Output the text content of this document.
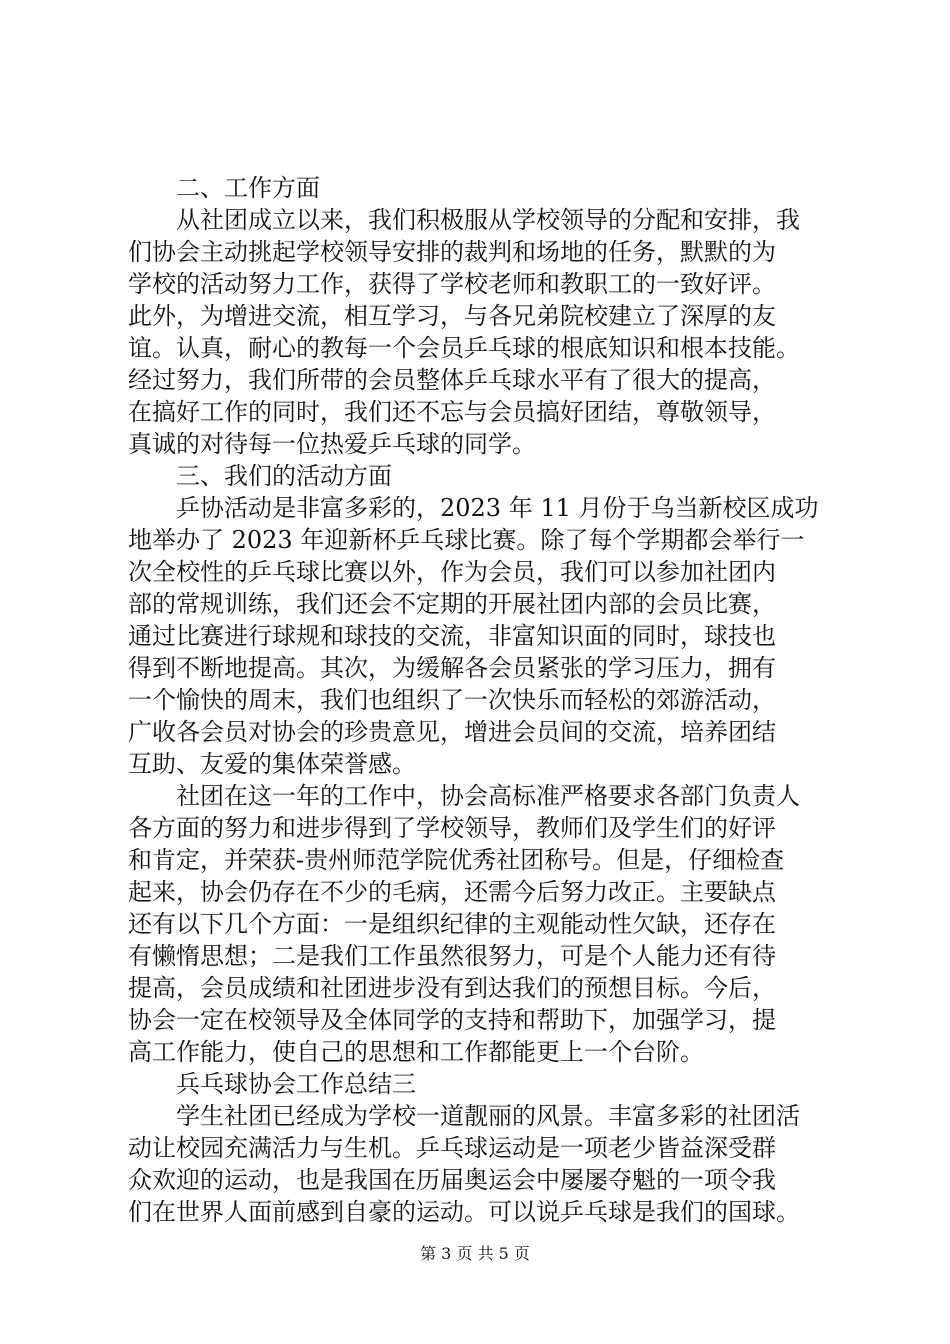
二、工作方面
从社团成立以来，我们积极服从学校领导的分配和安排，我
们协会主动挑起学校领导安排的裁判和场地的任务，默默的为
学校的活动努力工作，获得了学校老师和教职工的一致好评。
此外，为增进交流，相互学习，与各兄弟院校建立了深厚的友
谊。认真，耐心的教每一个会员乒乓球的根底知识和根本技能。
经过努力，我们所带的会员整体乒乓球水平有了很大的提高，
在搞好工作的同时，我们还不忘与会员搞好团结，尊敬领导，
真诚的对待每一位热爱乒乓球的同学。
三、我们的活动方面
乒协活动是非富多彩的，2023 年 11 月份于乌当新校区成功
地举办了 2023 年迎新杯乒乓球比赛。除了每个学期都会举行一
次全校性的乒乓球比赛以外，作为会员，我们可以参加社团内
部的常规训练，我们还会不定期的开展社团内部的会员比赛，
通过比赛进行球规和球技的交流，非富知识面的同时，球技也
得到不断地提高。其次，为缓解各会员紧张的学习压力，拥有
一个愉快的周末，我们也组织了一次快乐而轻松的郊游活动，
广收各会员对协会的珍贵意见，增进会员间的交流，培养团结
互助、友爱的集体荣誉感。
社团在这一年的工作中，协会高标准严格要求各部门负责人
各方面的努力和进步得到了学校领导，教师们及学生们的好评
和肯定，并荣获-贵州师范学院优秀社团称号。但是，仔细检查
起来，协会仍存在不少的毛病，还需今后努力改正。主要缺点
还有以下几个方面：一是组织纪律的主观能动性欠缺，还存在
有懒惰思想；二是我们工作虽然很努力，可是个人能力还有待
提高，会员成绩和社团进步没有到达我们的预想目标。今后，
协会一定在校领导及全体同学的支持和帮助下，加强学习，提
高工作能力，使自己的思想和工作都能更上一个台阶。
兵乓球协会工作总结三
学生社团已经成为学校一道靓丽的风景。丰富多彩的社团活
动让校园充满活力与生机。乒乓球运动是一项老少皆益深受群
众欢迎的运动，也是我国在历届奥运会中屡屡夺魁的一项令我
们在世界人面前感到自豪的运动。可以说乒乓球是我们的国球。
第 3 页 共 5 页
